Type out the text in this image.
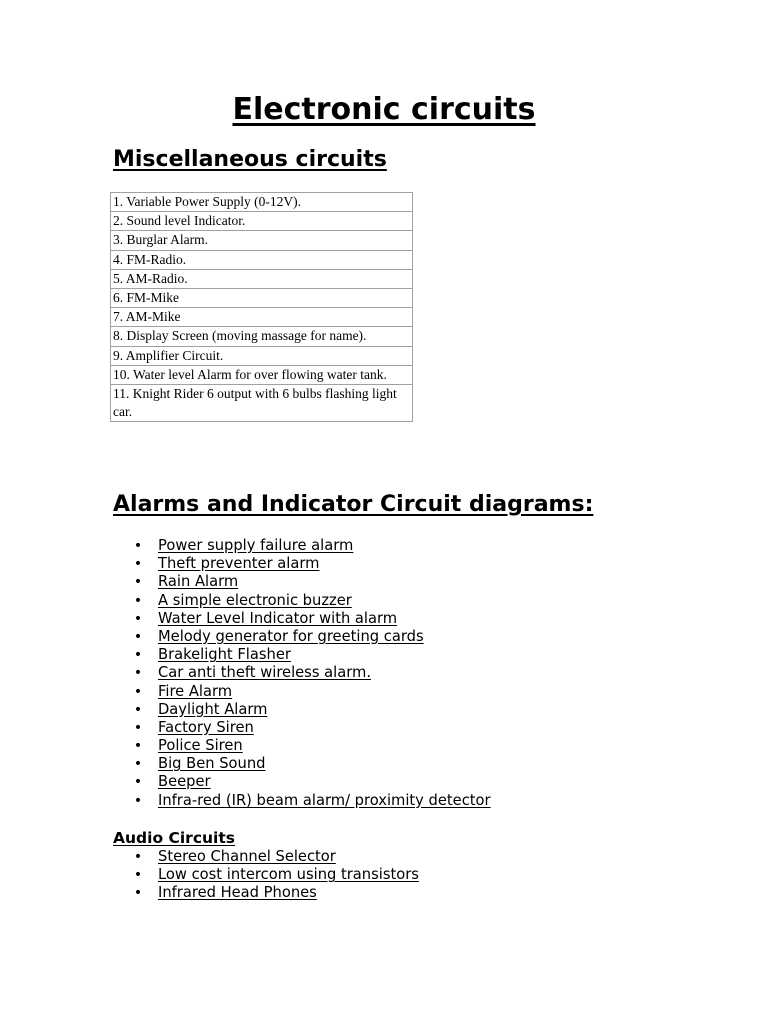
Electronic circuits
Miscellaneous circuits
1. Variable Power Supply (0-12V).
2. Sound level Indicator.
3. Burglar Alarm.
4. FM-Radio.
5. AM-Radio.
6. FM-Mike
7. AM-Mike
8. Display Screen (moving massage for name).
9. Amplifier Circuit.
10. Water level Alarm for over flowing water tank.
11. Knight Rider 6 output with 6 bulbs flashing light car.
Alarms and Indicator Circuit diagrams:
• Power supply failure alarm
• Theft preventer alarm
• Rain Alarm
• A simple electronic buzzer
• Water Level Indicator with alarm
• Melody generator for greeting cards
• Brakelight Flasher
• Car anti theft wireless alarm.
• Fire Alarm
• Daylight Alarm
• Factory Siren
• Police Siren
• Big Ben Sound
• Beeper
• Infra-red (IR) beam alarm/ proximity detector
Audio Circuits
• Stereo Channel Selector
• Low cost intercom using transistors
• Infrared Head Phones
